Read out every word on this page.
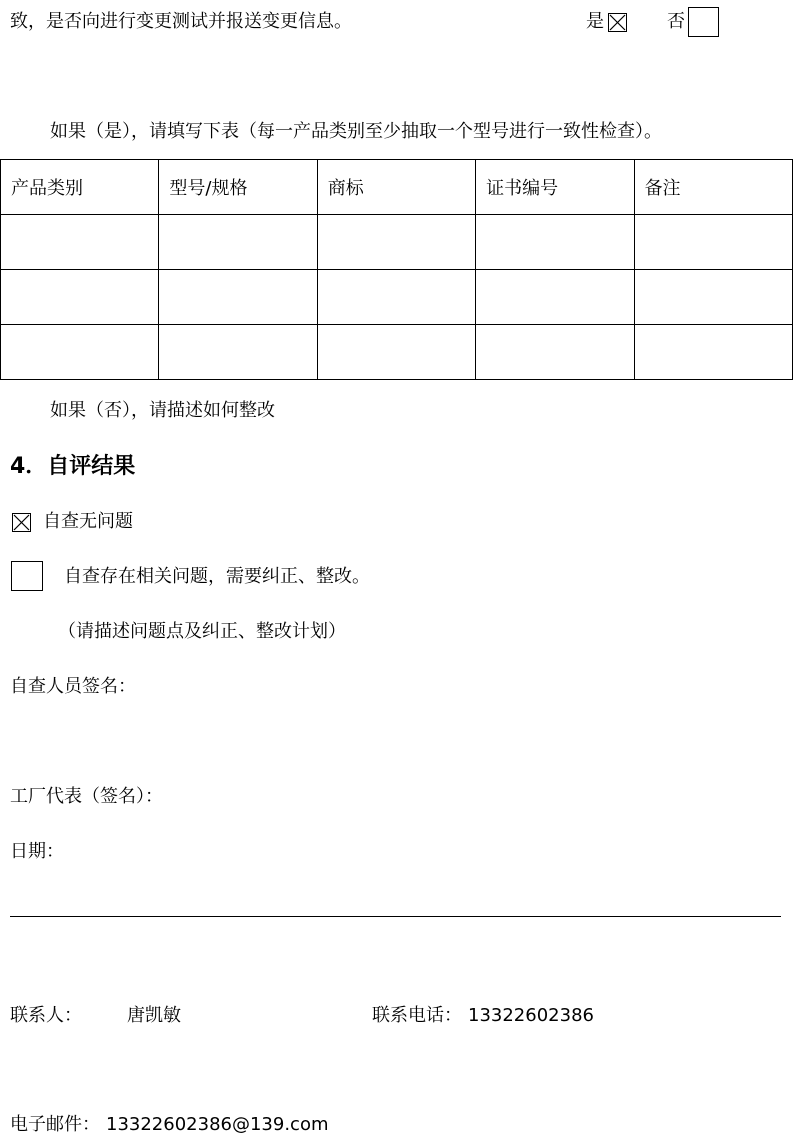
致，是否向进行变更测试并报送变更信息。	是	否
如果（是），请填写下表（每一产品类别至少抽取一个型号进行一致性检查）。
产品类别	型号/规格	商标	证书编号	备注

如果（否），请描述如何整改
4．自评结果
自查无问题
自查存在相关问题，需要纠正、整改。
（请描述问题点及纠正、整改计划）
自查人员签名：
工厂代表（签名）：
日期：
联系人：	唐凯敏	联系电话： 13322602386
电子邮件： 13322602386@139.com
